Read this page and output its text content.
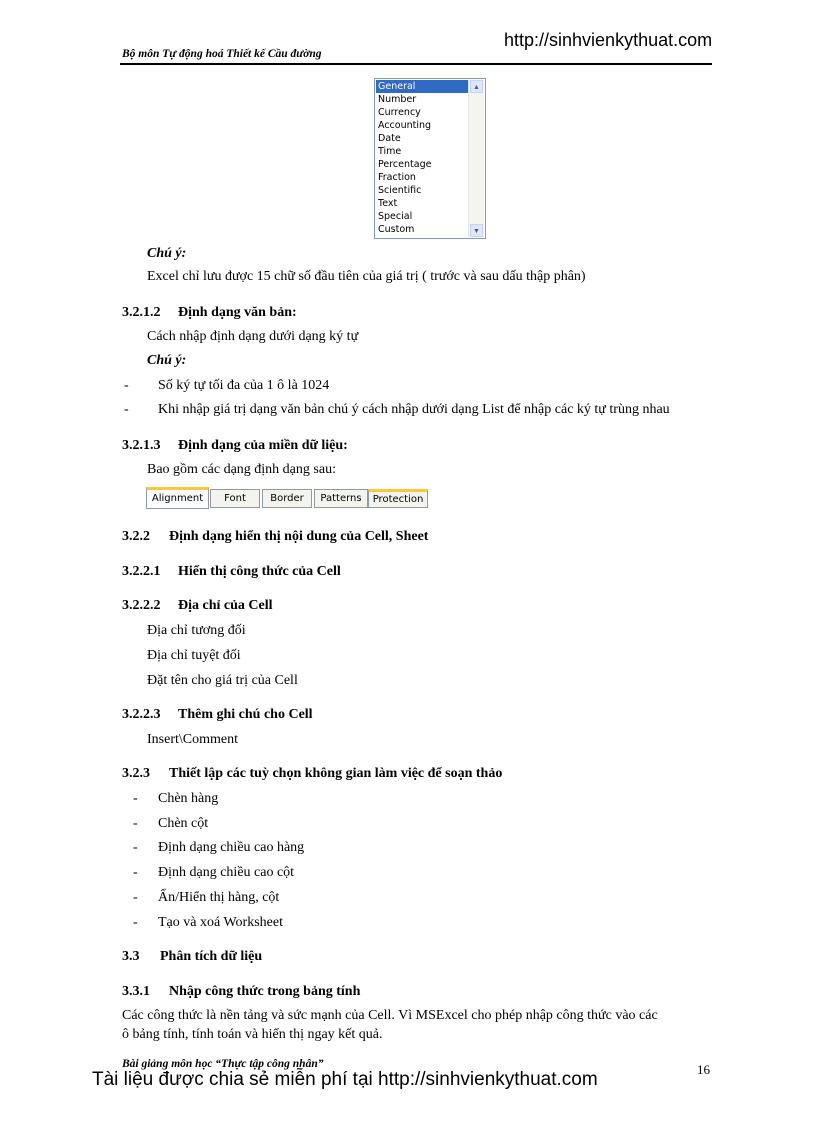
http://sinhvienkythuat.com
Bộ môn Tự động hoá Thiết kế Cầu đường
General
Number
Currency
Accounting
Date
Time
Percentage
Fraction
Scientific
Text
Special
Custom
▲
▼
Chú ý:
Excel chỉ lưu được 15 chữ số đầu tiên của giá trị ( trước và sau dấu thập phân)
3.2.1.2 Định dạng văn bản:
Cách nhập định dạng dưới dạng ký tự
Chú ý:
- Số ký tự tối đa của 1 ô là 1024
- Khi nhập giá trị dạng văn bản chú ý cách nhập dưới dạng List để nhập các ký tự trùng nhau
3.2.1.3 Định dạng của miền dữ liệu:
Bao gồm các dạng định dạng sau:
Alignment	Font	Border	Patterns	Protection
3.2.2 Định dạng hiển thị nội dung của Cell, Sheet
3.2.2.1 Hiển thị công thức của Cell
3.2.2.2 Địa chỉ của Cell
Địa chỉ tương đối
Địa chỉ tuyệt đối
Đặt tên cho giá trị của Cell
3.2.2.3 Thêm ghi chú cho Cell
Insert\Comment
3.2.3 Thiết lập các tuỳ chọn không gian làm việc để soạn thảo
- Chèn hàng
- Chèn cột
- Định dạng chiều cao hàng
- Định dạng chiều cao cột
- Ẩn/Hiển thị hàng, cột
- Tạo và xoá Worksheet
3.3 Phân tích dữ liệu
3.3.1 Nhập công thức trong bảng tính
Các công thức là nền tảng và sức mạnh của Cell. Vì MSExcel cho phép nhập công thức vào các
ô bảng tính, tính toán và hiển thị ngay kết quả.
Bài giảng môn học “Thực tập công nhân”	16
Tài liệu được chia sẻ miễn phí tại http://sinhvienkythuat.com
